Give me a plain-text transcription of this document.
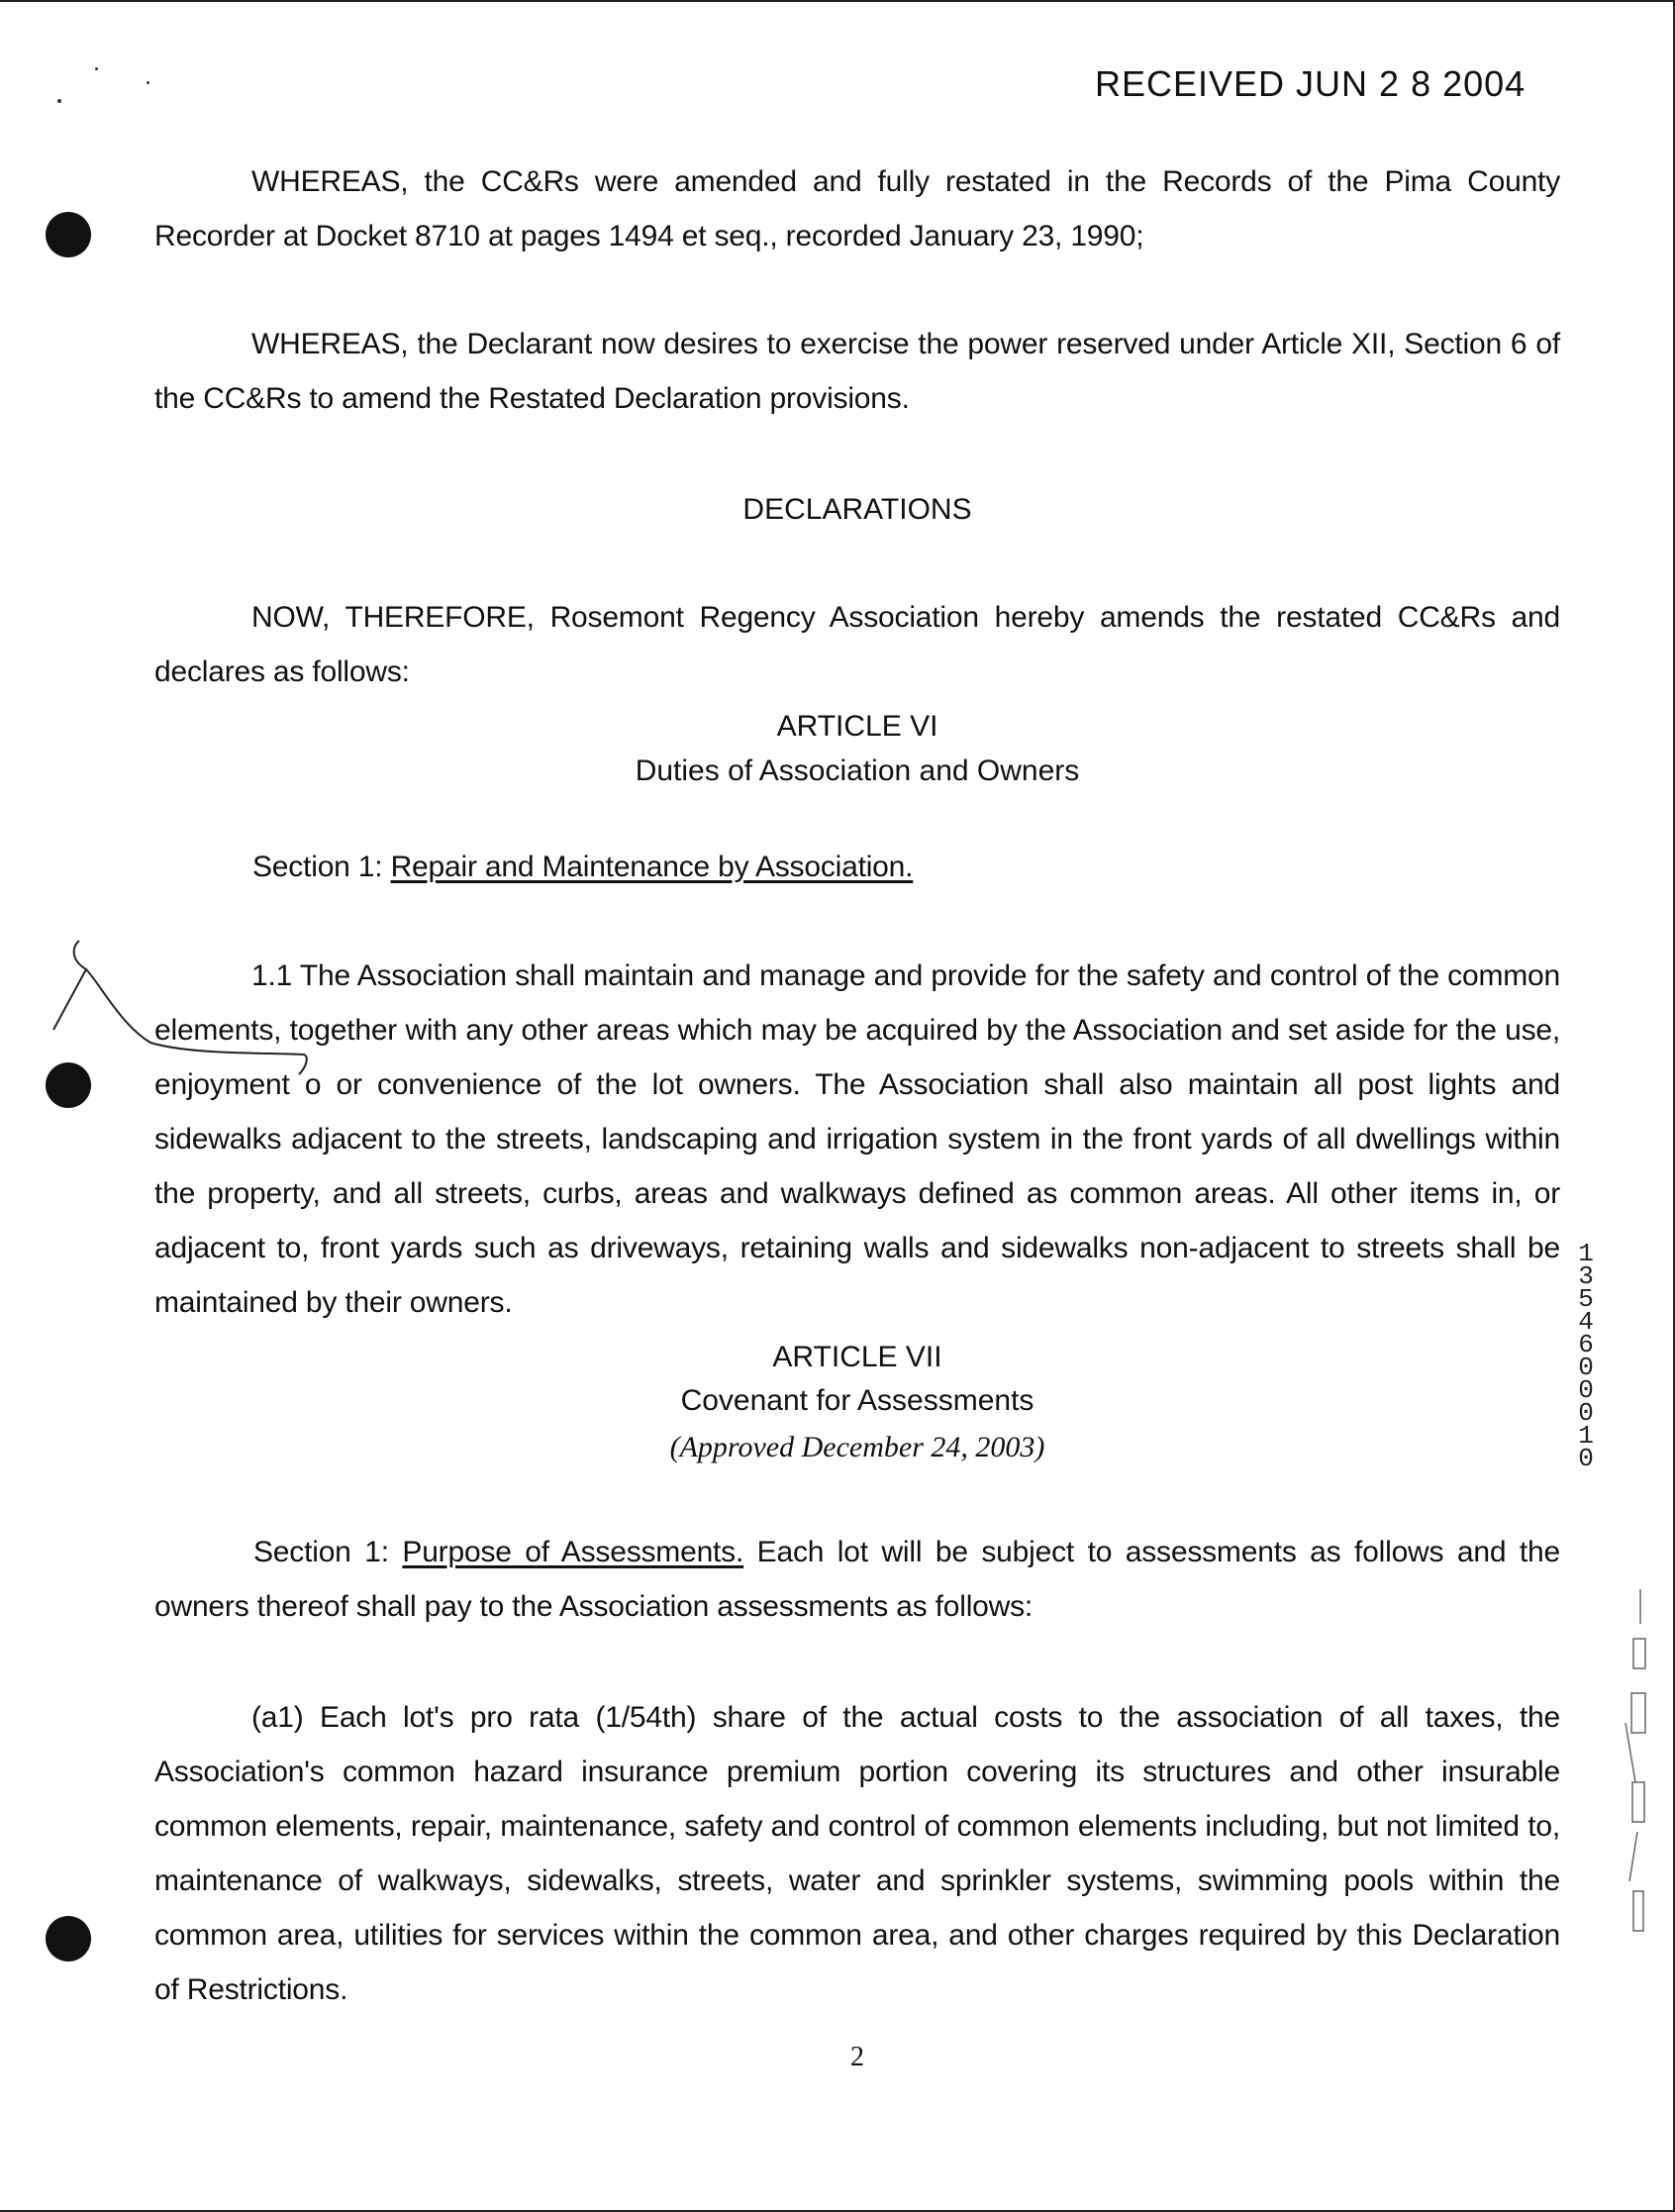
RECEIVED JUN 2 8 2004
WHEREAS, the CC&Rs were amended and fully restated in the Records of the Pima County Recorder at Docket 8710 at pages 1494 et seq., recorded January 23, 1990;
WHEREAS, the Declarant now desires to exercise the power reserved under Article XII, Section 6 of the CC&Rs to amend the Restated Declaration provisions.
DECLARATIONS
NOW, THEREFORE, Rosemont Regency Association hereby amends the restated CC&Rs and declares as follows:
ARTICLE VI
Duties of Association and Owners
Section 1: Repair and Maintenance by Association.
1.1 The Association shall maintain and manage and provide for the safety and control of the common elements, together with any other areas which may be acquired by the Association and set aside for the use, enjoyment o or convenience of the lot owners. The Association shall also maintain all post lights and sidewalks adjacent to the streets, landscaping and irrigation system in the front yards of all dwellings within the property, and all streets, curbs, areas and walkways defined as common areas. All other items in, or adjacent to, front yards such as driveways, retaining walls and sidewalks non-adjacent to streets shall be maintained by their owners.
ARTICLE VII
Covenant for Assessments
(Approved December 24, 2003)
Section 1: Purpose of Assessments. Each lot will be subject to assessments as follows and the owners thereof shall pay to the Association assessments as follows:
(a1) Each lot's pro rata (1/54th) share of the actual costs to the association of all taxes, the Association's common hazard insurance premium portion covering its structures and other insurable common elements, repair, maintenance, safety and control of common elements including, but not limited to, maintenance of walkways, sidewalks, streets, water and sprinkler systems, swimming pools within the common area, utilities for services within the common area, and other charges required by this Declaration of Restrictions.
13546 00010
2
